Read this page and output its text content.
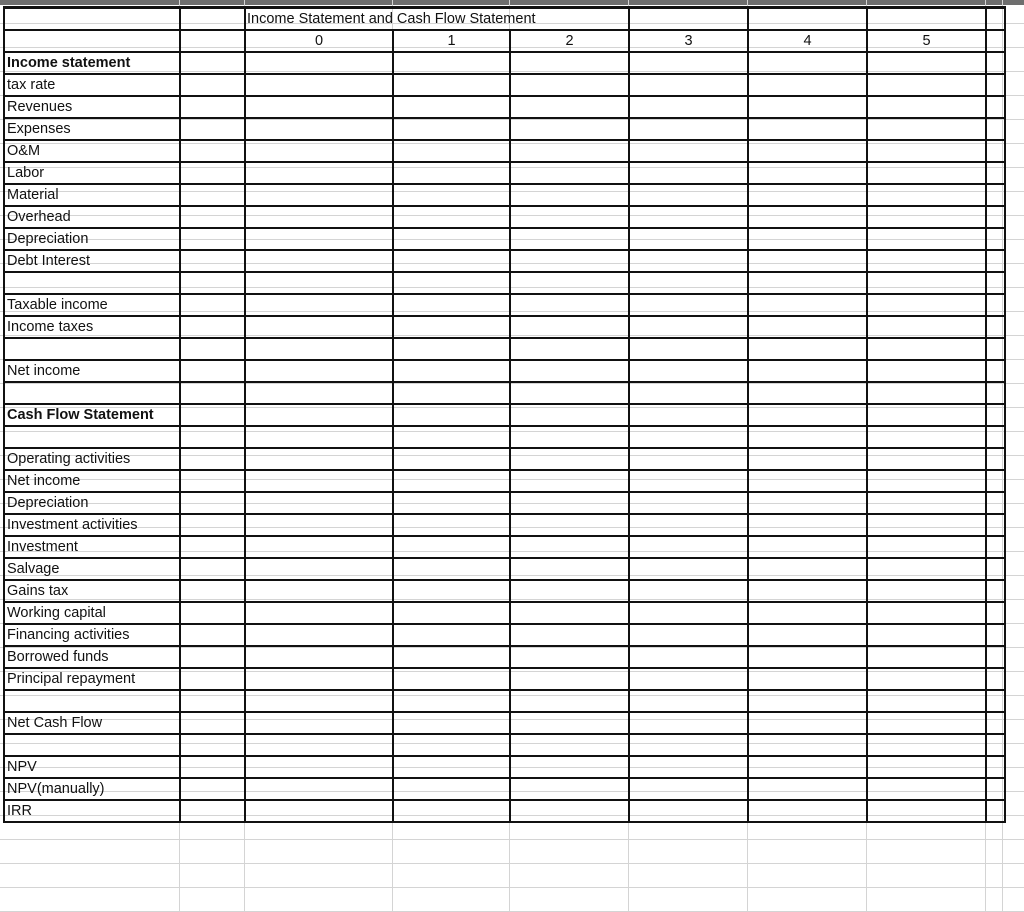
		Income Statement and Cash Flow Statement						
		0	1	2	3	4	5	
Income statement								
tax rate								
Revenues								
Expenses								
O&M								
Labor								
Material								
Overhead								
Depreciation								
Debt Interest								

Taxable income								
Income taxes								

Net income								

Cash Flow Statement								

Operating activities								
Net income								
Depreciation								
Investment activities								
Investment								
Salvage								
Gains tax								
Working capital								
Financing activities								
Borrowed funds								
Principal repayment								

Net Cash Flow								

NPV								
NPV(manually)								
IRR								
